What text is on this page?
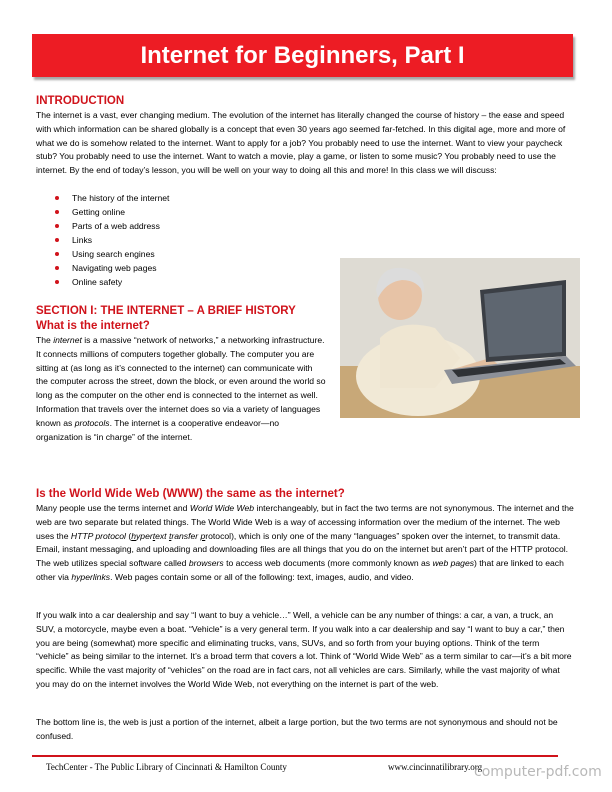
Internet for Beginners, Part I
INTRODUCTION

The internet is a vast, ever changing medium. The evolution of the internet has literally changed the course of history – the ease and speed with which information can be shared globally is a concept that even 30 years ago seemed far-fetched. In this digital age, more and more of what we do is somehow related to the internet. Want to apply for a job? You probably need to use the internet. Want to view your paycheck stub? You probably need to use the internet. Want to watch a movie, play a game, or listen to some music? You probably need to use the internet. By the end of today’s lesson, you will be well on your way to doing all this and more! In this class we will discuss:

The history of the internet
Getting online
Parts of a web address
Links
Using search engines
Navigating web pages
Online safety
SECTION I: THE INTERNET – A BRIEF HISTORY
What is the internet?

The internet is a massive “network of networks,” a networking infrastructure. It connects millions of computers together globally. The computer you are sitting at (as long as it’s connected to the internet) can communicate with the computer across the street, down the block, or even around the world so long as the computer on the other end is connected to the internet as well. Information that travels over the internet does so via a variety of languages known as protocols. The internet is a cooperative endeavor—no organization is “in charge” of the internet.

Is the World Wide Web (WWW) the same as the internet?

Many people use the terms internet and World Wide Web interchangeably, but in fact the two terms are not synonymous. The internet and the web are two separate but related things. The World Wide Web is a way of accessing information over the medium of the internet. The web uses the HTTP protocol (hypertext transfer protocol), which is only one of the many “languages” spoken over the internet, to transmit data. Email, instant messaging, and uploading and downloading files are all things that you do on the internet but aren’t part of the HTTP protocol. The web utilizes special software called browsers to access web documents (more commonly known as web pages) that are linked to each other via hyperlinks. Web pages contain some or all of the following: text, images, audio, and video.

If you walk into a car dealership and say “I want to buy a vehicle…” Well, a vehicle can be any number of things: a car, a van, a truck, an SUV, a motorcycle, maybe even a boat. “Vehicle” is a very general term. If you walk into a car dealership and say “I want to buy a car,” then you are being (somewhat) more specific and eliminating trucks, vans, SUVs, and so forth from your buying options. Think of the term “vehicle” as being similar to the internet. It’s a broad term that covers a lot. Think of “World Wide Web” as a term similar to car—it’s a bit more specific. While the vast majority of “vehicles” on the road are in fact cars, not all vehicles are cars. Similarly, while the vast majority of what you may do on the internet involves the World Wide Web, not everything on the internet is part of the web.

The bottom line is, the web is just a portion of the internet, albeit a large portion, but the two terms are not synonymous and should not be confused.

TechCenter - The Public Library of Cincinnati & Hamilton County	www.cincinnatilibrary.org
computer-pdf.com
